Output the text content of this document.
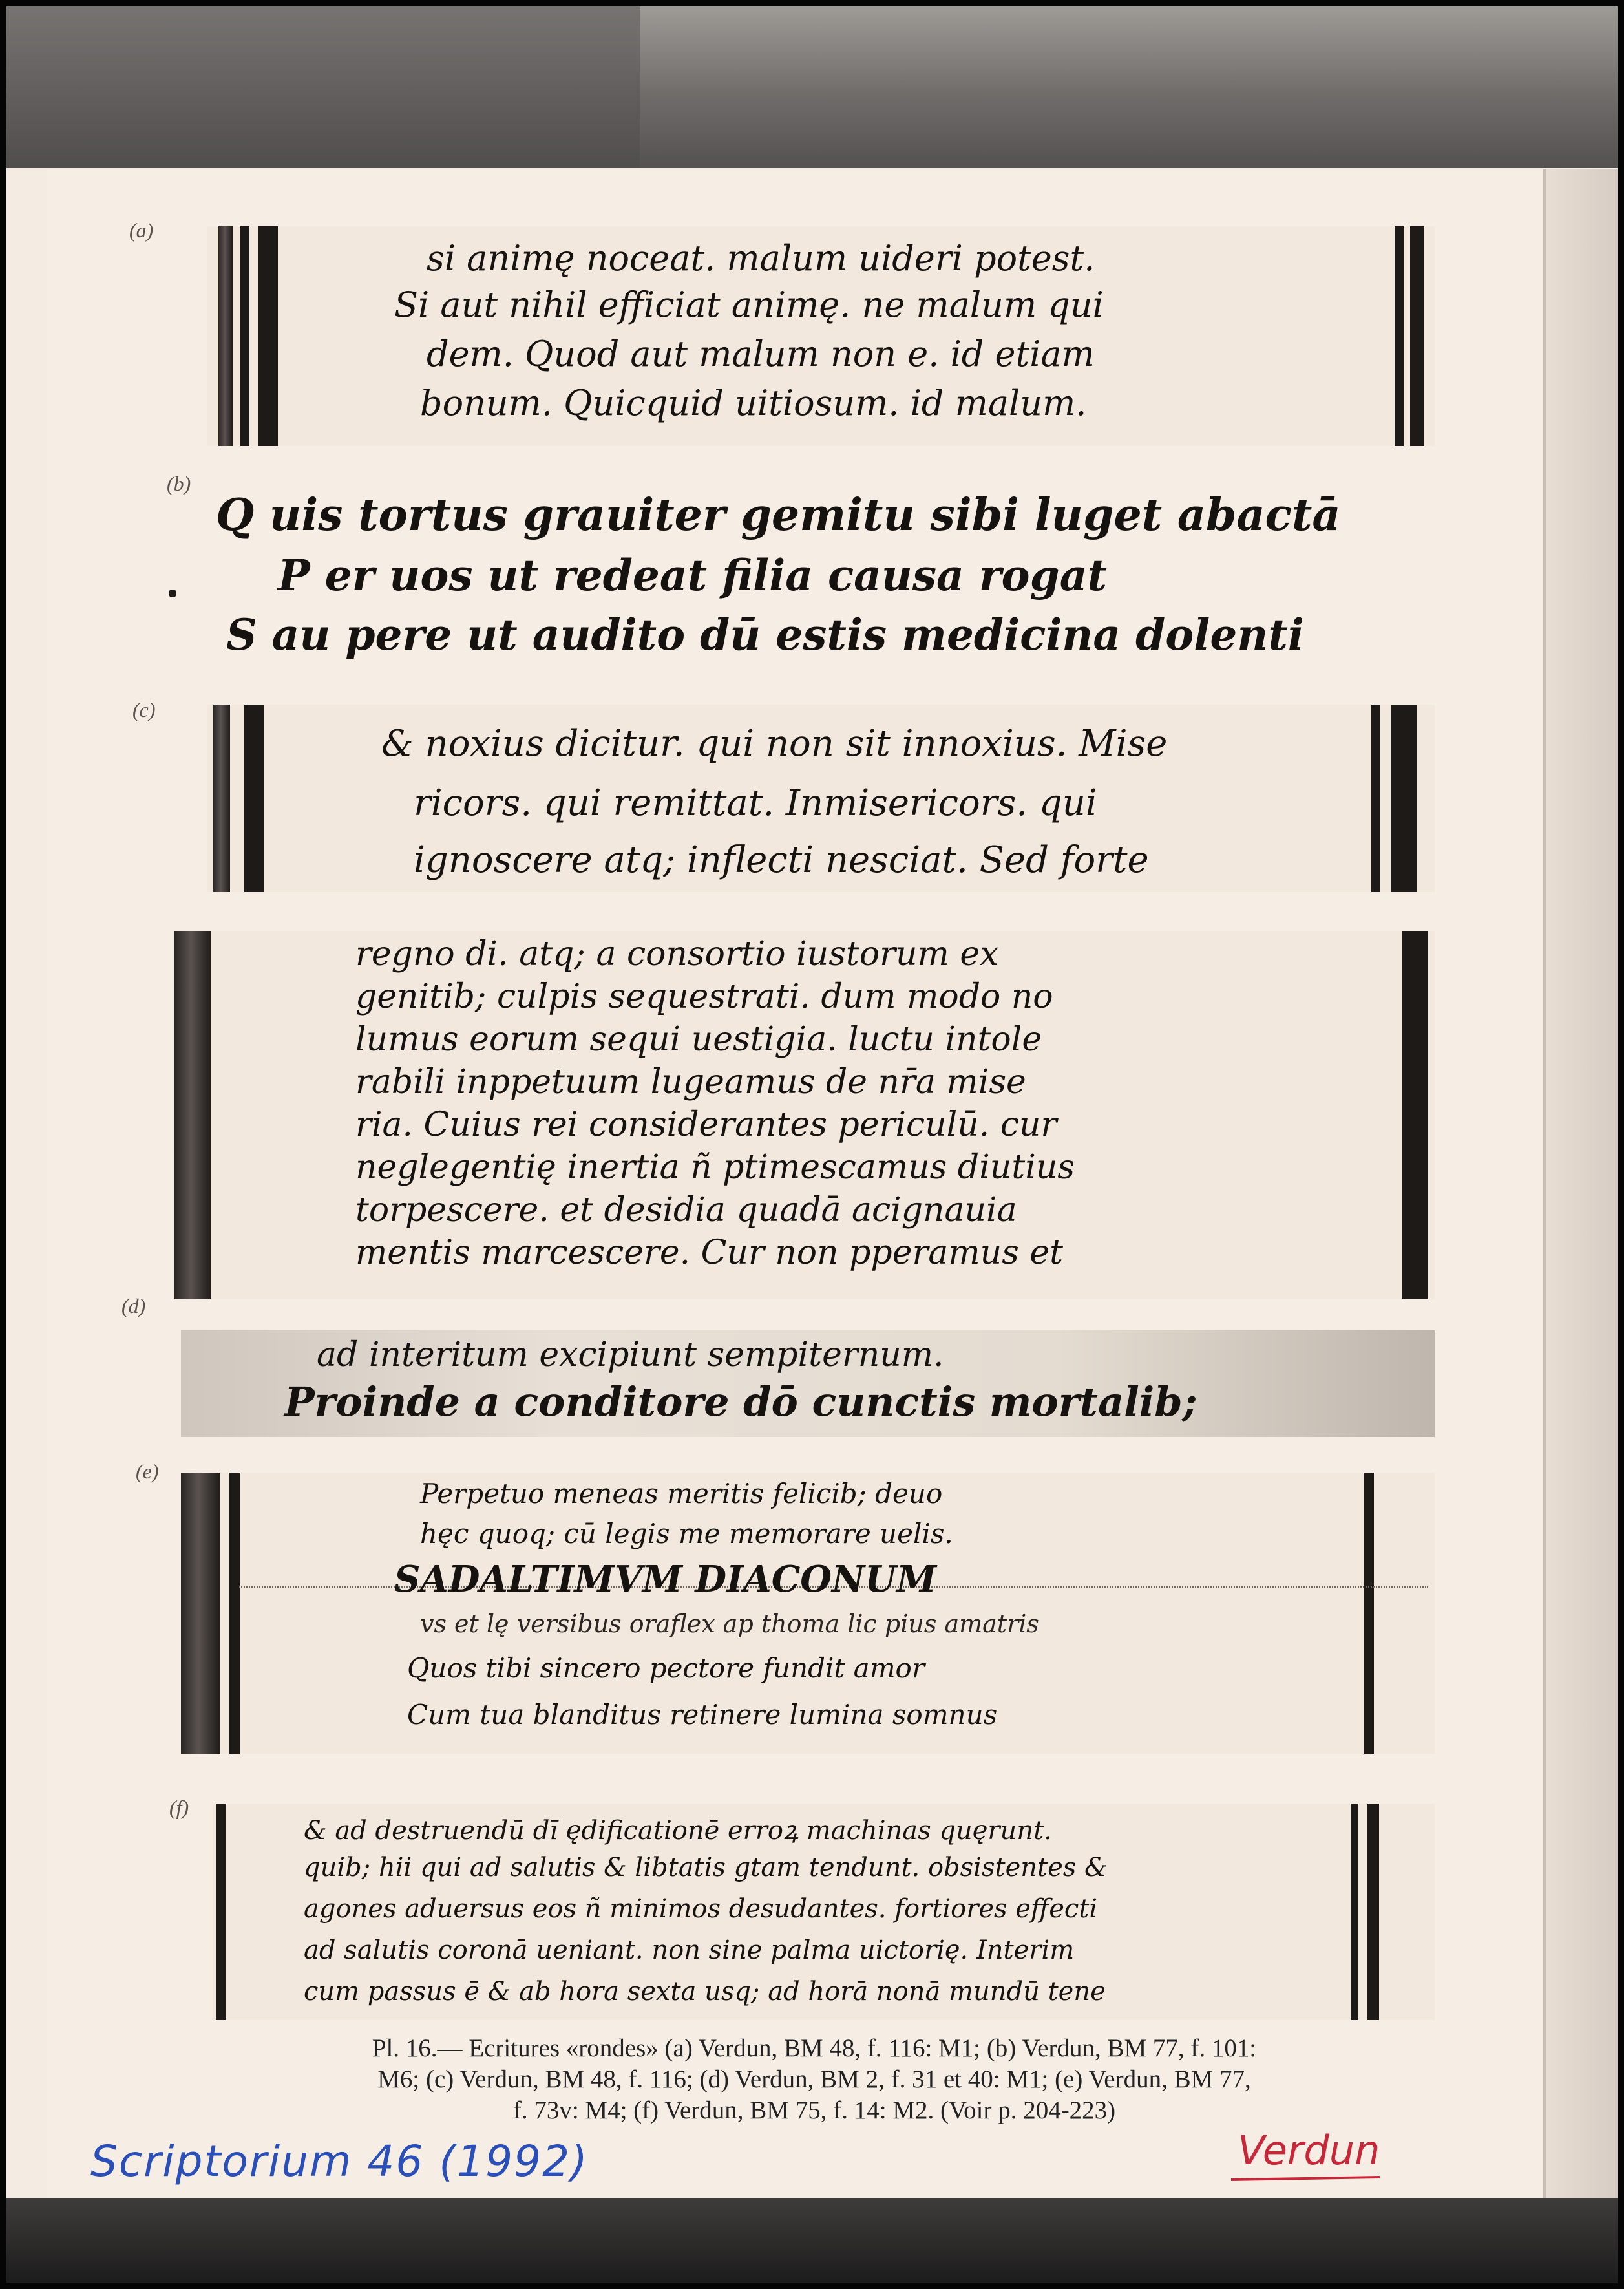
(a)
si animę noceat. malum uideri potest.
Si aut nihil efficiat animę. ne malum qui
dem. Quod aut malum non e. id etiam
bonum. Quicquid uitiosum. id malum.
(b)
Q uis tortus grauiter gemitu sibi luget abactā
P er uos ut redeat filia causa rogat
S au pere ut audito dū estis medicina dolenti
(c)
& noxius dicitur. qui non sit innoxius. Mise
ricors. qui remittat. Inmisericors. qui
ignoscere atq; inflecti nesciat. Sed forte
regno di. atq; a consortio iustorum ex
genitib; culpis sequestrati. dum modo no
lumus eorum sequi uestigia. luctu intole
rabili inppetuum lugeamus de nr̄a mise
ria. Cuius rei considerantes periculū. cur
neglegentię inertia ñ ptimescamus diutius
torpescere. et desidia quadā acignauia
mentis marcescere. Cur non pperamus et
(d)
ad interitum excipiunt sempiternum.
Proinde a conditore dō cunctis mortalib;
(e)
Perpetuo meneas meritis felicib; deuo
hęc quoq; cū legis me memorare uelis.
SADALTIMVM DIACONUM
vs et lę versibus oraflex ap thoma lic pius amatris
Quos tibi sincero pectore fundit amor
Cum tua blanditus retinere lumina somnus
(f)
& ad destruendū dī ędificationē erroꝝ machinas quęrunt.
quib; hii qui ad salutis & libtatis gtam tendunt. obsistentes &
agones aduersus eos ñ minimos desudantes. fortiores effecti
ad salutis coronā ueniant. non sine palma uictorię. Interim
cum passus ē & ab hora sexta usq; ad horā nonā mundū tene
Pl. 16.— Ecritures «rondes» (a) Verdun, BM 48, f. 116: M1; (b) Verdun, BM 77, f. 101:
M6; (c) Verdun, BM 48, f. 116; (d) Verdun, BM 2, f. 31 et 40: M1; (e) Verdun, BM 77,
f. 73v: M4; (f) Verdun, BM 75, f. 14: M2. (Voir p. 204-223)
Scriptorium 46 (1992)	Verdun
